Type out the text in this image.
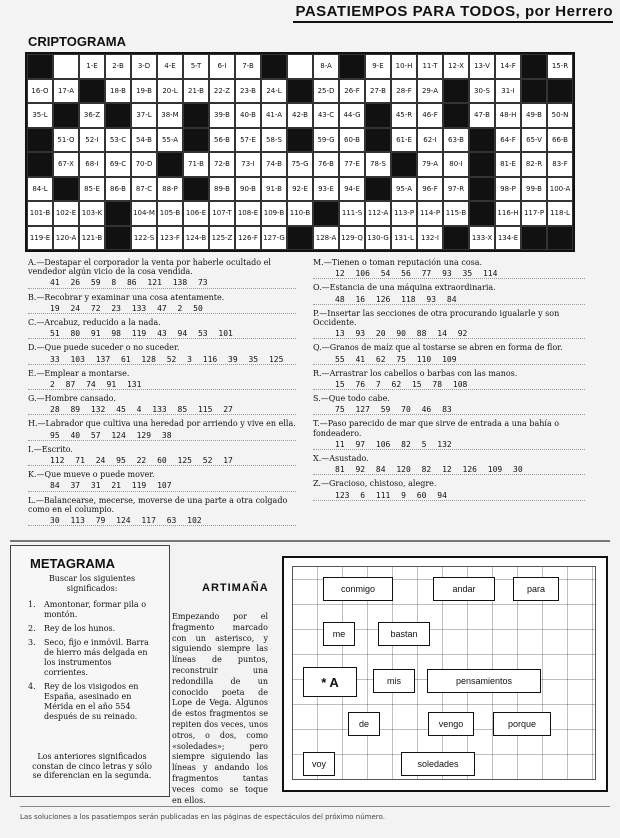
PASATIEMPOS PARA TODOS, por Herrero
CRIPTOGRAMA
1-E	2-B	3-D	4-E	5-T	6-I	7-B	8-A	9-E	10-H	11-T	12-X	13-V	14-F	15-R
16-O	17-A	18-B	19-B	20-L	21-B	22-Z	23-B	24-L	25-D	26-F	27-B	28-F	29-A	30-S	31-I
35-L	36-Z	37-L	38-M	39-B	40-B	41-A	42-B	43-C	44-G	45-R	46-F	47-B	48-H	49-B	50-N
51-O	52-I	53-C	54-B	55-A	56-B	57-E	58-S	59-G	60-B	61-E	62-I	63-B	64-F	65-V	66-B
67-X	68-I	69-C	70-D	71-B	72-B	73-I	74-B	75-G	76-B	77-E	78-S	79-A	80-I	81-E	82-R	83-F
84-L	85-E	86-B	87-C	88-P	89-B	90-B	91-B	92-E	93-E	94-E	95-A	96-F	97-R	98-P	99-B	100-A
101-B 102-E 103-K	104-M 105-B 106-E 107-T 108-E 109-B 110-B	111-S 112-A 113-P 114-P 115-B	116-H 117-P 118-L
119-E 120-A 121-B	122-S 123-F 124-B 125-Z 126-F 127-G	128-A 129-Q 130-G 131-L	132-I	133-X 134-E
A.—Destapar el corporador la venta por haberle ocultado el vendedor algún vicio de la cosa vendida.
41 26 59 8 86 121 138 73
B.—Recobrar y examinar una cosa atentamente.
19 24 72 23 133 47 2 50
C.—Arcabuz, reducido a la nada.
51 80 91 98 119 43 94 53 101
D.—Que puede suceder o no suceder.
33 103 137 61 128 52 3 116 39 35 125
E.—Emplear a montarse.
2 87 74 91 131
G.—Hombre cansado.
28 89 132 45 4 133 85 115 27
H.—Labrador que cultiva una heredad por arriendo y vive en ella.
95 40 57 124 129 38
I.—Escrito.
112 71 24 95 22 60 125 52 17
K.—Que mueve o puede mover.
84 37 31 21 119 107
L.—Balancearse, mecerse, moverse de una parte a otra colgado como en el columpio.
30 113 79 124 117 63 102
M.—Tienen o toman reputación una cosa.
12 106 54 56 77 93 35 114
O.—Estancia de una máquina extraordinaria.
48 16 126 118 93 84
P.—Insertar las secciones de otra procurando igualarle y son Occidente.
13 93 20 90 88 14 92
Q.—Granos de maíz que al tostarse se abren en forma de flor.
55 41 62 75 110 109
R.—Arrastrar los cabellos o barbas con las manos.
15 76 7 62 15 78 108
S.—Que todo cabe.
75 127 59 70 46 83
T.—Paso parecido de mar que sirve de entrada a una bahía o fondeadero.
11 97 106 82 5 132
X.—Asustado.
81 92 84 120 82 12 126 109 30
Z.—Gracioso, chistoso, alegre.
123 6 111 9 60 94
METAGRAMA
Buscar los siguientes significados:
1.	Amontonar, formar pila o montón.
2.	Rey de los hunos.
3.	Seco, fijo e inmóvil. Barra de hierro más delgada en los instrumentos corrientes.
4.	Rey de los visigodos en España, asesinado en Mérida en el año 554 después de su reinado.
Los anteriores significados constan de cinco letras y sólo se diferencian en la segunda.
ARTIMAÑA
Empezando por el fragmento marcado con un asterisco, y siguiendo siempre las líneas de puntos, reconstruir una redondilla de un conocido poeta de Lope de Vega. Algunos de estos fragmentos se repiten dos veces, unos otros, o dos, como «soledades»; pero siempre siguiendo las líneas y andando los fragmentos tantas veces como se toque en ellos.
conmigo	andar	para
me	bastan
* A	mis	pensamientos
de	vengo	porque
voy	soledades
Las soluciones a los pasatiempos serán publicadas en las páginas de espectáculos del próximo número.
